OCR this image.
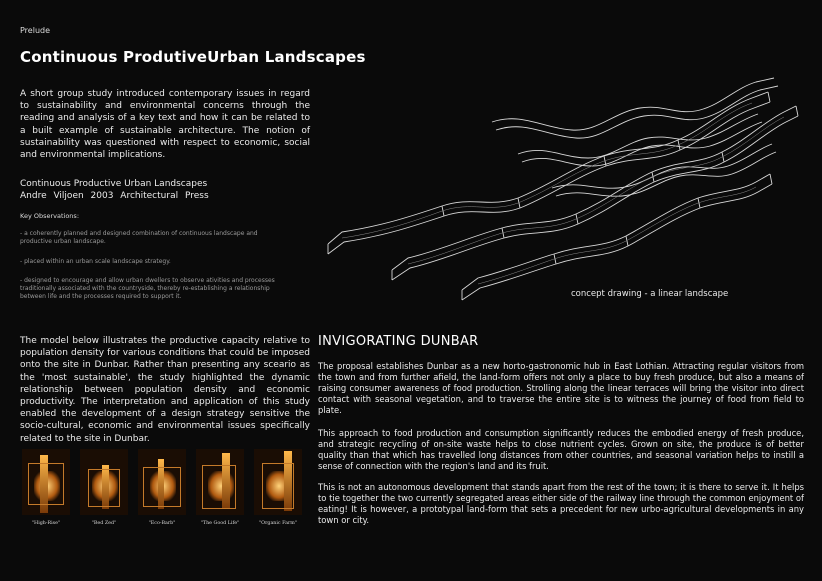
Prelude
Continuous ProdutiveUrban Landscapes
A short group study introduced contemporary issues in regard to sustainability and environmental concerns through the reading and analysis of a key text and how it can be related to a built example of sustainable architecture. The notion of sustainability was questioned with respect to economic, social and environmental implications.
Continuous Productive Urban Landscapes
Andre Viljoen 2003 Architectural Press
Key Observations:
- a coherently planned and designed combination of continuous landscape and productive urban landscape.
- placed within an urban scale landscape strategy.
- designed to encourage and allow urban dwellers to observe ativities and processes traditionally associated with the countryside, thereby re-establishing a relationship between life and the processes required to support it.
The model below illustrates the productive capacity relative to population density for various conditions that could be imposed onto the site in Dunbar. Rather than presenting any sceario as the 'most sustainable', the study highlighted the dynamic relationship between population density and economic productivity. The interpretation and application of this study enabled the development of a design strategy sensitive the socio-cultural, economic and environmental issues specifically related to the site in Dunbar.
"High-Rise"	"Bed Zed"	"Eco-Barb"	"The Good Life"	"Organic Farm"
concept drawing - a linear landscape
INVIGORATING DUNBAR
The proposal establishes Dunbar as a new horto-gastronomic hub in East Lothian. Attracting regular visitors from the town and from further afield, the land-form offers not only a place to buy fresh produce, but also a means of raising consumer awareness of food production. Strolling along the linear terraces will bring the visitor into direct contact with seasonal vegetation, and to traverse the entire site is to witness the journey of food from field to plate.
This approach to food production and consumption significantly reduces the embodied energy of fresh produce, and strategic recycling of on-site waste helps to close nutrient cycles. Grown on site, the produce is of better quality than that which has travelled long distances from other countries, and seasonal variation helps to instill a sense of connection with the region's land and its fruit.
This is not an autonomous development that stands apart from the rest of the town; it is there to serve it. It helps to tie together the two currently segregated areas either side of the railway line through the common enjoyment of eating! It is however, a prototypal land-form that sets a precedent for new urbo-agricultural developments in any town or city.
